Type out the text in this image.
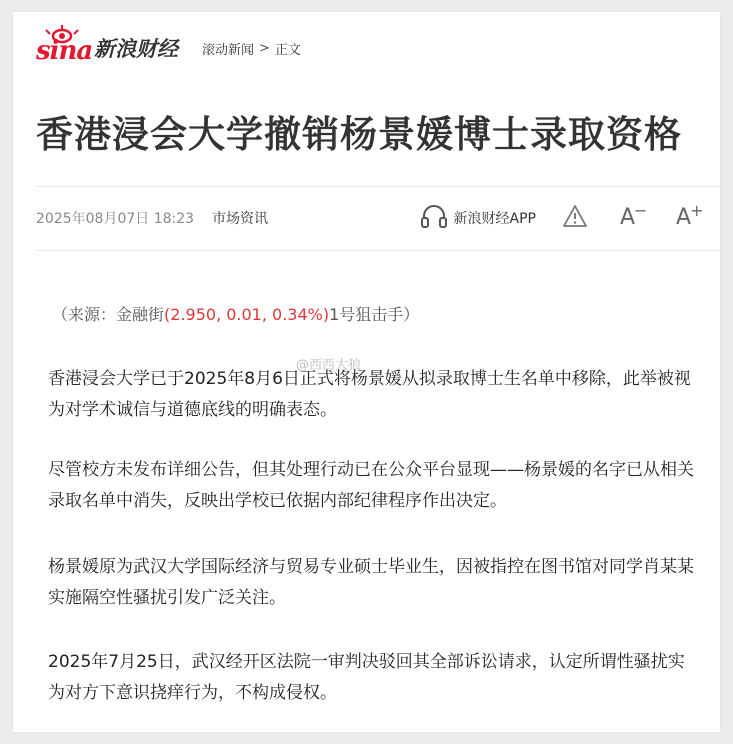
sina 新浪财经 滚动新闻 > 正文
香港浸会大学撤销杨景媛博士录取资格
2025年08月07日 18:23 市场资讯	新浪财经APP	A
− A
+
（来源：金融街(2.950, 0.01, 0.34%)1号狙击手）
@西西大狼
香港浸会大学已于2025年8月6日正式将杨景媛从拟录取博士生名单中移除，此举被视为对学术诚信与道德底线的明确表态。
尽管校方未发布详细公告，但其处理行动已在公众平台显现——杨景媛的名字已从相关录取名单中消失，反映出学校已依据内部纪律程序作出决定。
杨景媛原为武汉大学国际经济与贸易专业硕士毕业生，因被指控在图书馆对同学肖某某实施隔空性骚扰引发广泛关注。
2025年7月25日，武汉经开区法院一审判决驳回其全部诉讼请求，认定所谓性骚扰实为对方下意识挠痒行为，不构成侵权。
